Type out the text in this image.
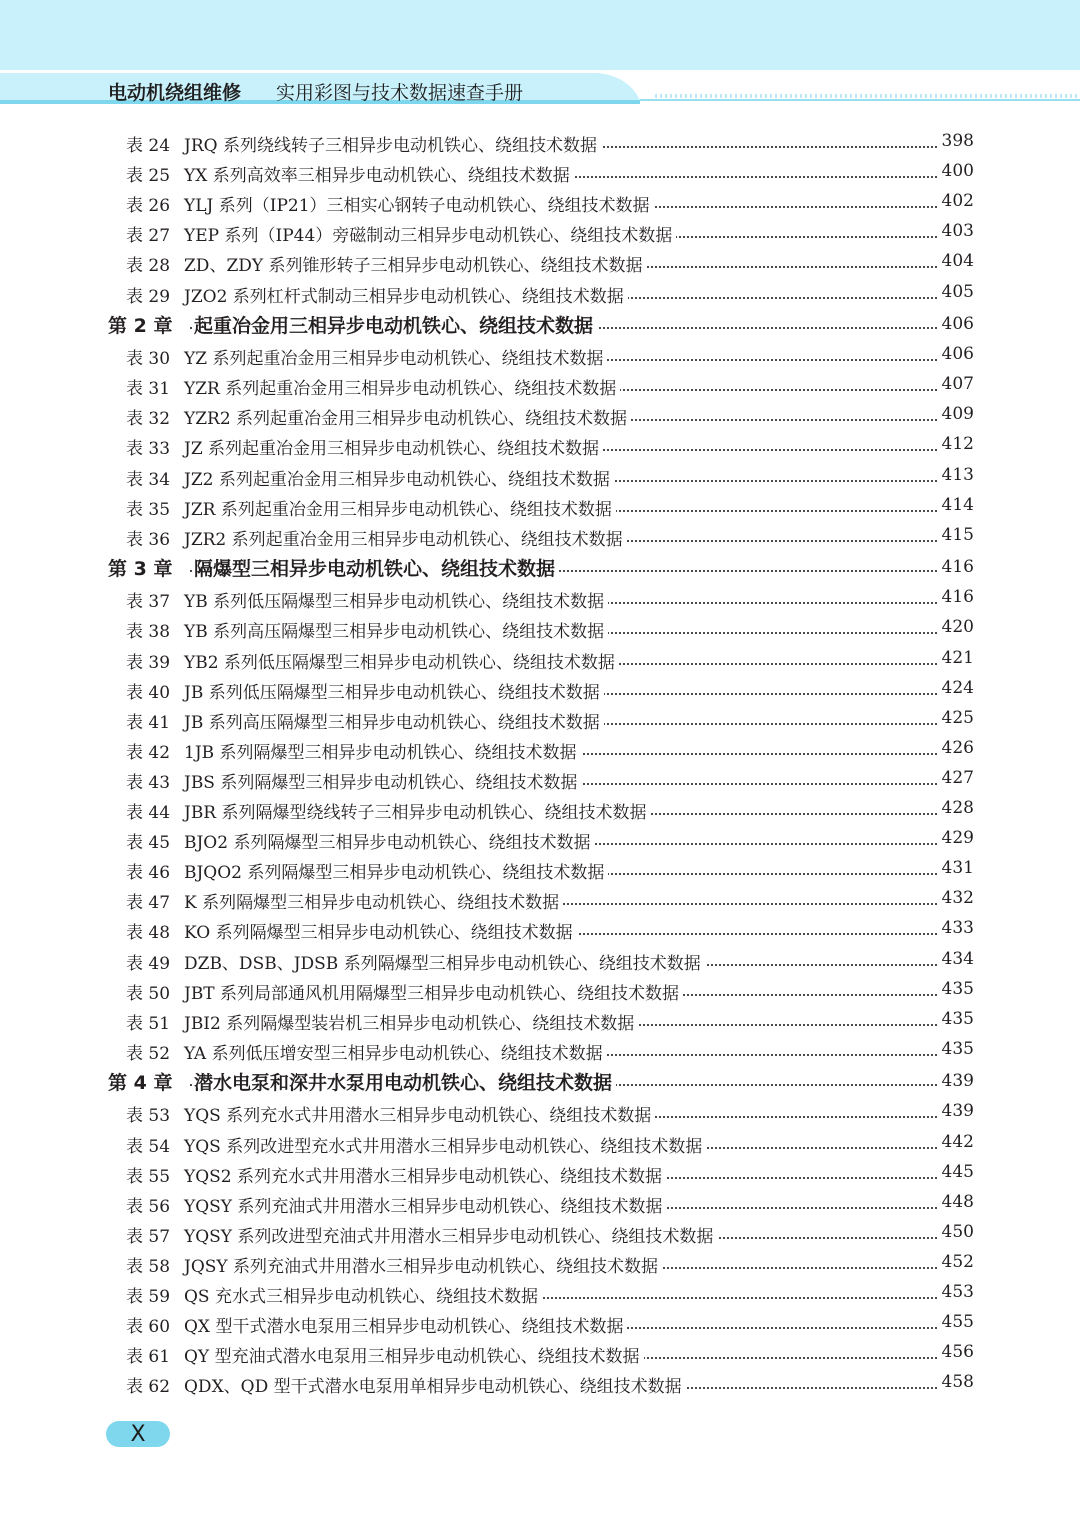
电动机绕组维修 实用彩图与技术数据速查手册
表 24 JRQ 系列绕线转子三相异步电动机铁心、绕组技术数据	398
表 25 YX 系列高效率三相异步电动机铁心、绕组技术数据	400
表 26 YLJ 系列（IP21）三相实心钢转子电动机铁心、绕组技术数据	402
表 27 YEP 系列（IP44）旁磁制动三相异步电动机铁心、绕组技术数据	403
表 28 ZD、ZDY 系列锥形转子三相异步电动机铁心、绕组技术数据	404
表 29 JZO2 系列杠杆式制动三相异步电动机铁心、绕组技术数据	405
第 2 章 起重冶金用三相异步电动机铁心、绕组技术数据	406
表 30 YZ 系列起重冶金用三相异步电动机铁心、绕组技术数据	406
表 31 YZR 系列起重冶金用三相异步电动机铁心、绕组技术数据	407
表 32 YZR2 系列起重冶金用三相异步电动机铁心、绕组技术数据	409
表 33 JZ 系列起重冶金用三相异步电动机铁心、绕组技术数据	412
表 34 JZ2 系列起重冶金用三相异步电动机铁心、绕组技术数据	413
表 35 JZR 系列起重冶金用三相异步电动机铁心、绕组技术数据	414
表 36 JZR2 系列起重冶金用三相异步电动机铁心、绕组技术数据	415
第 3 章 隔爆型三相异步电动机铁心、绕组技术数据	416
表 37 YB 系列低压隔爆型三相异步电动机铁心、绕组技术数据	416
表 38 YB 系列高压隔爆型三相异步电动机铁心、绕组技术数据	420
表 39 YB2 系列低压隔爆型三相异步电动机铁心、绕组技术数据	421
表 40 JB 系列低压隔爆型三相异步电动机铁心、绕组技术数据	424
表 41 JB 系列高压隔爆型三相异步电动机铁心、绕组技术数据	425
表 42 1JB 系列隔爆型三相异步电动机铁心、绕组技术数据	426
表 43 JBS 系列隔爆型三相异步电动机铁心、绕组技术数据	427
表 44 JBR 系列隔爆型绕线转子三相异步电动机铁心、绕组技术数据	428
表 45 BJO2 系列隔爆型三相异步电动机铁心、绕组技术数据	429
表 46 BJQO2 系列隔爆型三相异步电动机铁心、绕组技术数据	431
表 47 K 系列隔爆型三相异步电动机铁心、绕组技术数据	432
表 48 KO 系列隔爆型三相异步电动机铁心、绕组技术数据	433
表 49 DZB、DSB、JDSB 系列隔爆型三相异步电动机铁心、绕组技术数据	434
表 50 JBT 系列局部通风机用隔爆型三相异步电动机铁心、绕组技术数据	435
表 51 JBI2 系列隔爆型装岩机三相异步电动机铁心、绕组技术数据	435
表 52 YA 系列低压增安型三相异步电动机铁心、绕组技术数据	435
第 4 章 潜水电泵和深井水泵用电动机铁心、绕组技术数据	439
表 53 YQS 系列充水式井用潜水三相异步电动机铁心、绕组技术数据	439
表 54 YQS 系列改进型充水式井用潜水三相异步电动机铁心、绕组技术数据	442
表 55 YQS2 系列充水式井用潜水三相异步电动机铁心、绕组技术数据	445
表 56 YQSY 系列充油式井用潜水三相异步电动机铁心、绕组技术数据	448
表 57 YQSY 系列改进型充油式井用潜水三相异步电动机铁心、绕组技术数据	450
表 58 JQSY 系列充油式井用潜水三相异步电动机铁心、绕组技术数据	452
表 59 QS 充水式三相异步电动机铁心、绕组技术数据	453
表 60 QX 型干式潜水电泵用三相异步电动机铁心、绕组技术数据	455
表 61 QY 型充油式潜水电泵用三相异步电动机铁心、绕组技术数据	456
表 62 QDX、QD 型干式潜水电泵用单相异步电动机铁心、绕组技术数据	458
X
